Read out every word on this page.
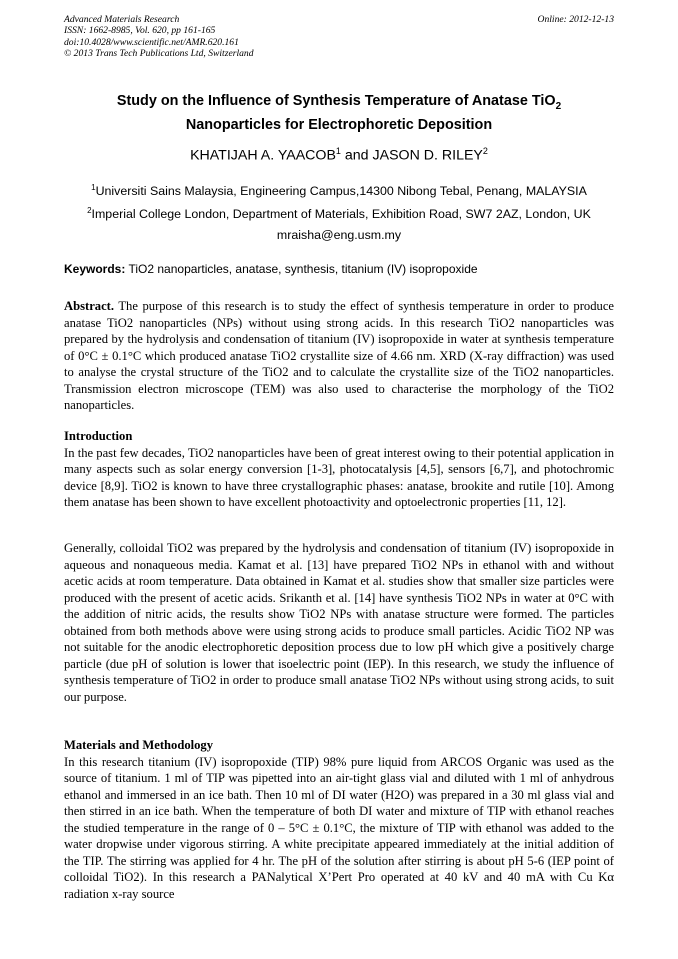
Advanced Materials Research
ISSN: 1662-8985, Vol. 620, pp 161-165
doi:10.4028/www.scientific.net/AMR.620.161
© 2013 Trans Tech Publications Ltd, Switzerland
Online: 2012-12-13
Study on the Influence of Synthesis Temperature of Anatase TiO$_2$
Nanoparticles for Electrophoretic Deposition
KHATIJAH A. YAACOB$^1$ and JASON D. RILEY$^2$
$^1$Universiti Sains Malaysia, Engineering Campus,14300 Nibong Tebal, Penang, MALAYSIA
$^2$Imperial College London, Department of Materials, Exhibition Road, SW7 2AZ, London, UK
mraisha@eng.usm.my
Keywords: TiO2 nanoparticles, anatase, synthesis, titanium (IV) isopropoxide

Abstract. The purpose of this research is to study the effect of synthesis temperature in order to produce anatase TiO2 nanoparticles (NPs) without using strong acids. In this research TiO2 nanoparticles was prepared by the hydrolysis and condensation of titanium (IV) isopropoxide in water at synthesis temperature of 0°C ± 0.1°C which produced anatase TiO2 crystallite size of 4.66 nm. XRD (X-ray diffraction) was used to analyse the crystal structure of the TiO2 and to calculate the crystallite size of the TiO2 nanoparticles. Transmission electron microscope (TEM) was also used to characterise the morphology of the TiO2 nanoparticles.

Introduction

In the past few decades, TiO2 nanoparticles have been of great interest owing to their potential application in many aspects such as solar energy conversion [1-3], photocatalysis [4,5], sensors [6,7], and photochromic device [8,9]. TiO2 is known to have three crystallographic phases: anatase, brookite and rutile [10]. Among them anatase has been shown to have excellent photoactivity and optoelectronic properties [11, 12].

Generally, colloidal TiO2 was prepared by the hydrolysis and condensation of titanium (IV) isopropoxide in aqueous and nonaqueous media. Kamat et al. [13] have prepared TiO2 NPs in ethanol with and without acetic acids at room temperature. Data obtained in Kamat et al. studies show that smaller size particles were produced with the present of acetic acids. Srikanth et al. [14] have synthesis TiO2 NPs in water at 0°C with the addition of nitric acids, the results show TiO2 NPs with anatase structure were formed. The particles obtained from both methods above were using strong acids to produce small particles. Acidic TiO2 NP was not suitable for the anodic electrophoretic deposition process due to low pH which give a positively charge particle (due pH of solution is lower that isoelectric point (IEP). In this research, we study the influence of synthesis temperature of TiO2 in order to produce small anatase TiO2 NPs without using strong acids, to suit our purpose.

Materials and Methodology

In this research titanium (IV) isopropoxide (TIP) 98% pure liquid from ARCOS Organic was used as the source of titanium. 1 ml of TIP was pipetted into an air-tight glass vial and diluted with 1 ml of anhydrous ethanol and immersed in an ice bath. Then 10 ml of DI water (H2O) was prepared in a 30 ml glass vial and then stirred in an ice bath. When the temperature of both DI water and mixture of TIP with ethanol reaches the studied temperature in the range of 0 – 5°C ± 0.1°C, the mixture of TIP with ethanol was added to the water dropwise under vigorous stirring. A white precipitate appeared immediately at the initial addition of the TIP. The stirring was applied for 4 hr. The pH of the solution after stirring is about pH 5-6 (IEP point of colloidal TiO2). In this research a PANalytical X’Pert Pro operated at 40 kV and 40 mA with Cu Kα radiation x-ray source
